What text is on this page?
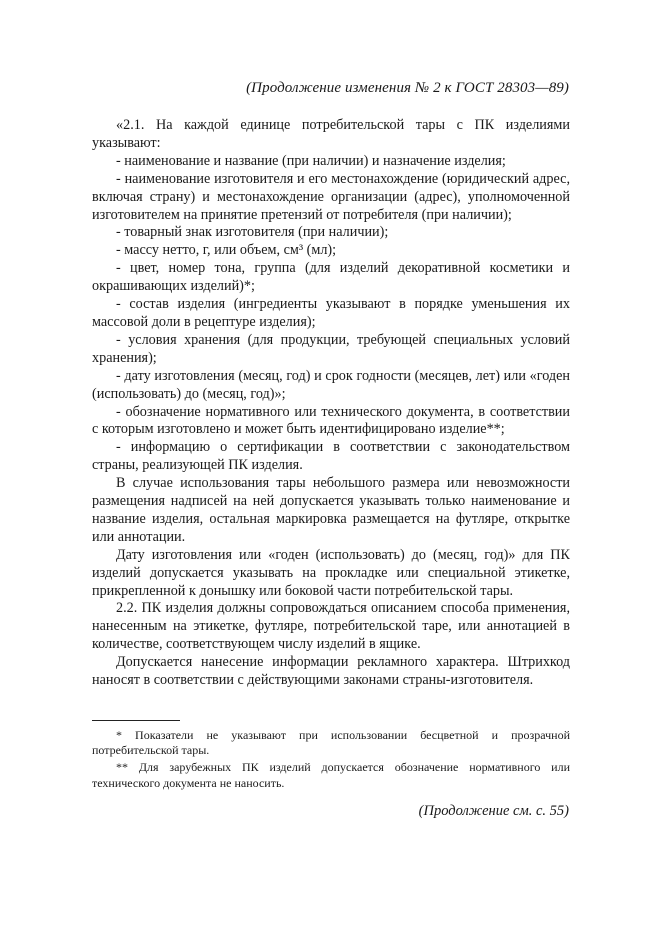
(Продолжение изменения № 2 к ГОСТ 28303—89)

«2.1. На каждой единице потребительской тары с ПК изделиями указывают:

- наименование и название (при наличии) и назначение изделия;

- наименование изготовителя и его местонахождение (юридический адрес, включая страну) и местонахождение организации (адрес), уполномоченной изготовителем на принятие претензий от потребителя (при наличии);

- товарный знак изготовителя (при наличии);

- массу нетто, г, или объем, см³ (мл);

- цвет, номер тона, группа (для изделий декоративной косметики и окрашивающих изделий)*;

- состав изделия (ингредиенты указывают в порядке уменьшения их массовой доли в рецептуре изделия);

- условия хранения (для продукции, требующей специальных условий хранения);

- дату изготовления (месяц, год) и срок годности (месяцев, лет) или «годен (использовать) до (месяц, год)»;

- обозначение нормативного или технического документа, в соответствии с которым изготовлено и может быть идентифицировано изделие**;

- информацию о сертификации в соответствии с законодательством страны, реализующей ПК изделия.

В случае использования тары небольшого размера или невозможности размещения надписей на ней допускается указывать только наименование и название изделия, остальная маркировка размещается на футляре, открытке или аннотации.

Дату изготовления или «годен (использовать) до (месяц, год)» для ПК изделий допускается указывать на прокладке или специальной этикетке, прикрепленной к донышку или боковой части потребительской тары.

2.2. ПК изделия должны сопровождаться описанием способа применения, нанесенным на этикетке, футляре, потребительской таре, или аннотацией в количестве, соответствующем числу изделий в ящике.

Допускается нанесение информации рекламного характера. Штрихкод наносят в соответствии с действующими законами страны-изготовителя.

* Показатели не указывают при использовании бесцветной и прозрачной потребительской тары.

** Для зарубежных ПК изделий допускается обозначение нормативного или технического документа не наносить.

(Продолжение см. с. 55)
